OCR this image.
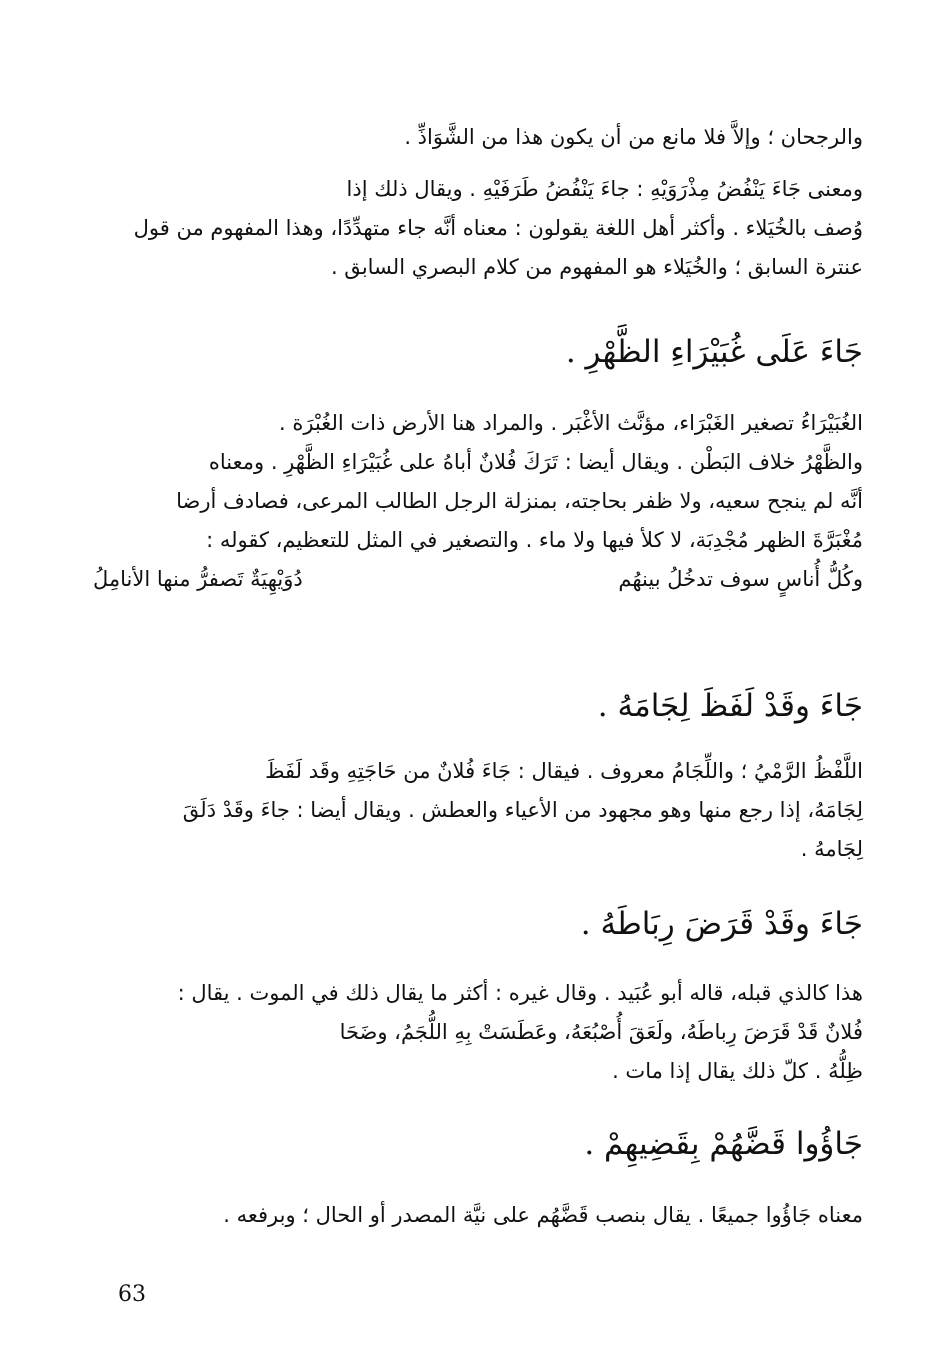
والرجحان ؛ وإلاَّ فلا مانع من أن يكون هذا من الشَّوَاذِّ .
ومعنى جَاءَ يَنْفُضُ مِذْرَوَيْهِ : جاءَ يَنْفُضُ طَرَفَيْهِ . ويقال ذلك إذا
وُصف بالخُيَلاء . وأكثر أهل اللغة يقولون : معناه أنَّه جاء متهدِّدًا، وهذا المفهوم من قول
عنترة السابق ؛ والخُيَلاء هو المفهوم من كلام البصري السابق .
جَاءَ عَلَى غُبَيْرَاءِ الظَّهْرِ .
الغُبَيْرَاءُ تصغير الغَبْرَاء، مؤنَّث الأغْبَر . والمراد هنا الأرض ذات الغُبْرَة .
والظَّهْرُ خلاف البَطْن . ويقال أيضا : تَرَكَ فُلانٌ أباهُ على غُبَيْرَاءِ الظَّهْرِ . ومعناه
أنَّه لم ينجح سعيه، ولا ظفر بحاجته، بمنزلة الرجل الطالب المرعى، فصادف أرضا
مُغْبَرَّةَ الظهر مُجْدِبَة، لا كلأ فيها ولا ماء . والتصغير في المثل للتعظيم، كقوله :
وكُلُّ أُناسٍ سوف تدخُلُ بينهُم
دُوَيْهِيَةٌ تَصفرُّ منها الأنامِلُ
جَاءَ وقَدْ لَفَظَ لِجَامَهُ .
اللَّفْظُ الرَّمْيُ ؛ واللِّجَامُ معروف . فيقال : جَاءَ فُلانٌ من حَاجَتِهِ وقَد لَفَظَ
لِجَامَهُ، إذا رجع منها وهو مجهود من الأعياء والعطش . ويقال أيضا : جاءَ وقَدْ دَلَقَ
لِجَامهُ .
جَاءَ وقَدْ قَرَضَ رِبَاطَهُ .
هذا كالذي قبله، قاله أبو عُبَيد . وقال غيره : أكثر ما يقال ذلك في الموت . يقال :
فُلانٌ قَدْ قَرَضَ رِباطَهُ، ولَعَقَ أُصْبُعَهُ، وعَطَسَتْ بِهِ اللُّجَمُ، وضَحَا
ظِلُّهُ . كلّ ذلك يقال إذا مات .
جَاؤُوا قَضَّهُمْ بِقَضِيهِمْ .
معناه جَاؤُوا جميعًا . يقال بنصب قَضَّهُم على نيَّة المصدر أو الحال ؛ وبرفعه .
63
